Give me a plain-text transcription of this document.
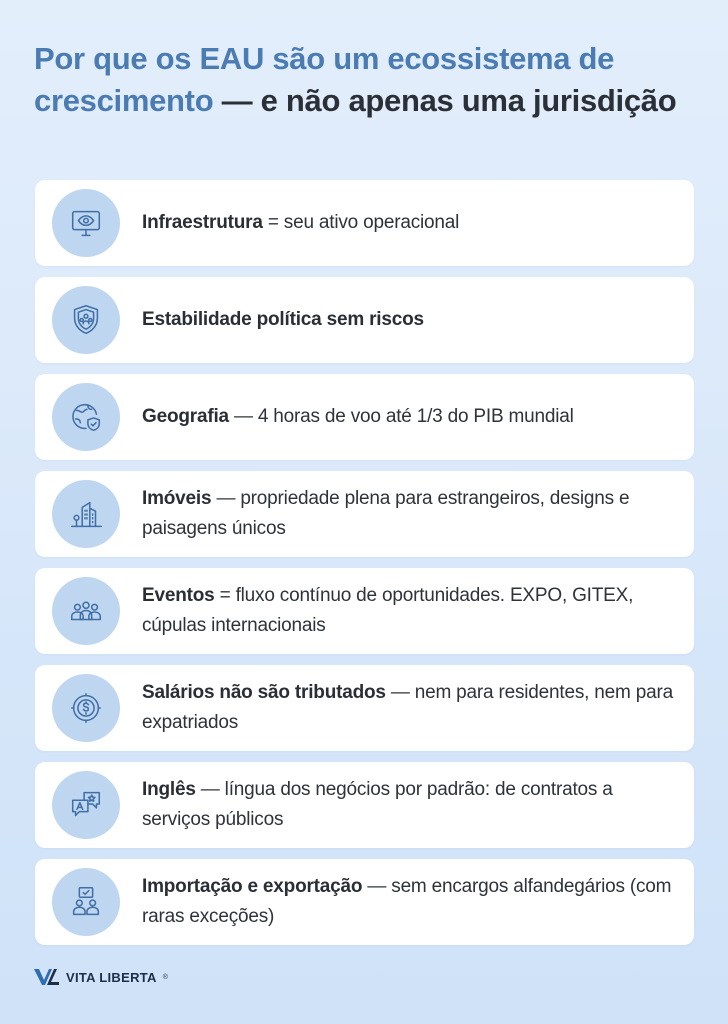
Por que os EAU são um ecossistema de crescimento — e não apenas uma jurisdição
Infraestrutura = seu ativo operacional
Estabilidade política sem riscos
Geografia — 4 horas de voo até 1/3 do PIB mundial
Imóveis — propriedade plena para estrangeiros, designs e paisagens únicos
Eventos = fluxo contínuo de oportunidades. EXPO, GITEX, cúpulas internacionais
Salários não são tributados — nem para residentes, nem para expatriados
Inglês — língua dos negócios por padrão: de contratos a serviços públicos
Importação e exportação — sem encargos alfandegários (com raras exceções)
VITA LIBERTA ®
